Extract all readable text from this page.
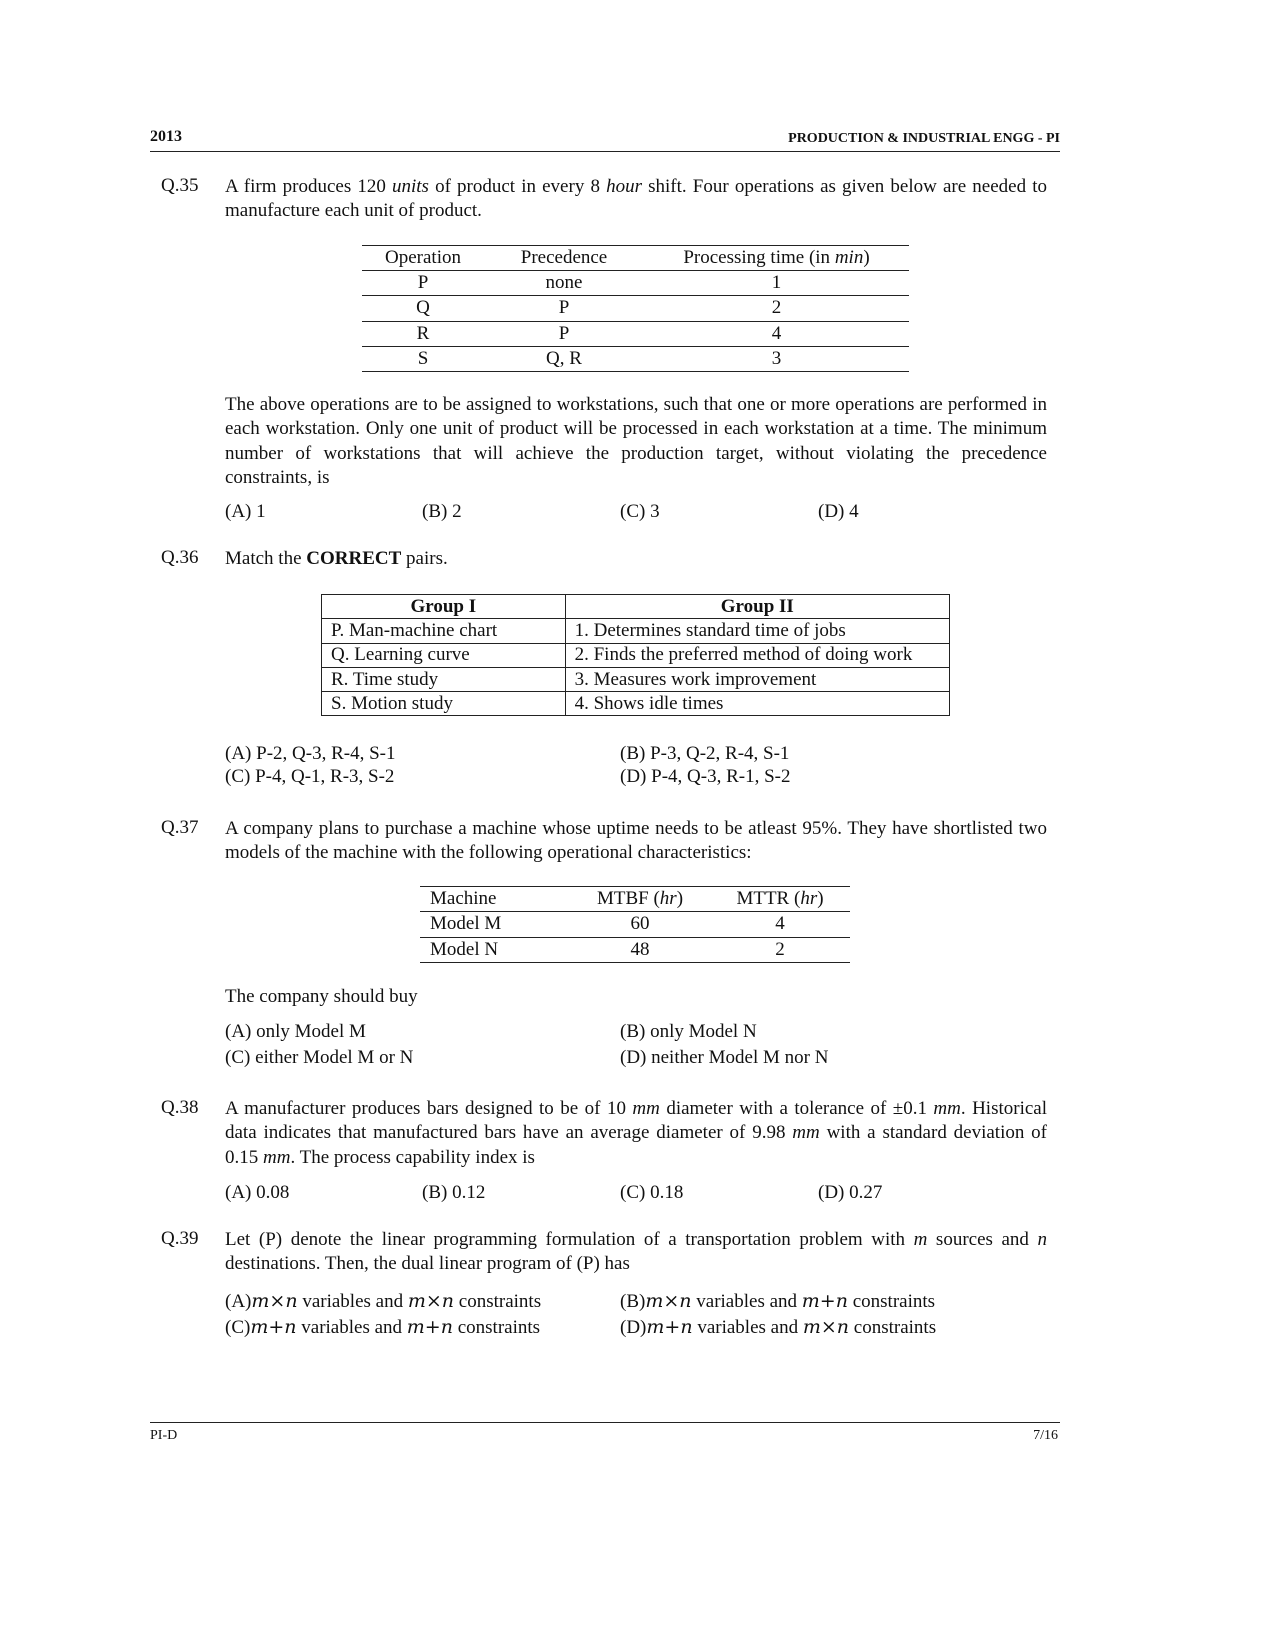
2013	PRODUCTION & INDUSTRIAL ENGG - PI
Q.35 A firm produces 120 units of product in every 8 hour shift. Four operations as given below are needed to manufacture each unit of product.
Operation	Precedence	Processing time (in min)
P	none	1
Q	P	2
R	P	4
S	Q, R	3
The above operations are to be assigned to workstations, such that one or more operations are performed in each workstation. Only one unit of product will be processed in each workstation at a time. The minimum number of workstations that will achieve the production target, without violating the precedence constraints, is
(A) 1	(B) 2	(C) 3	(D) 4
Q.36 Match the CORRECT pairs.
Group I	Group II
P. Man-machine chart	1. Determines standard time of jobs
Q. Learning curve	2. Finds the preferred method of doing work
R. Time study	3. Measures work improvement
S. Motion study	4. Shows idle times
(A) P-2, Q-3, R-4, S-1	(B) P-3, Q-2, R-4, S-1
(C) P-4, Q-1, R-3, S-2	(D) P-4, Q-3, R-1, S-2
Q.37 A company plans to purchase a machine whose uptime needs to be atleast 95%. They have shortlisted two models of the machine with the following operational characteristics:
Machine	MTBF (hr)	MTTR (hr)
Model M	60	4
Model N	48	2
The company should buy
(A) only Model M	(B) only Model N
(C) either Model M or N	(D) neither Model M nor N
Q.38 A manufacturer produces bars designed to be of 10 mm diameter with a tolerance of ±0.1 mm. Historical data indicates that manufactured bars have an average diameter of 9.98 mm with a standard deviation of 0.15 mm. The process capability index is
(A) 0.08	(B) 0.12	(C) 0.18	(D) 0.27
Q.39 Let (P) denote the linear programming formulation of a transportation problem with m sources and n destinations. Then, the dual linear program of (P) has
(A)m×n variables and m×n constraints	(B)m×n variables and m+n constraints
(C)m+n variables and m+n constraints	(D)m+n variables and m×n constraints
PI-D	7/16
